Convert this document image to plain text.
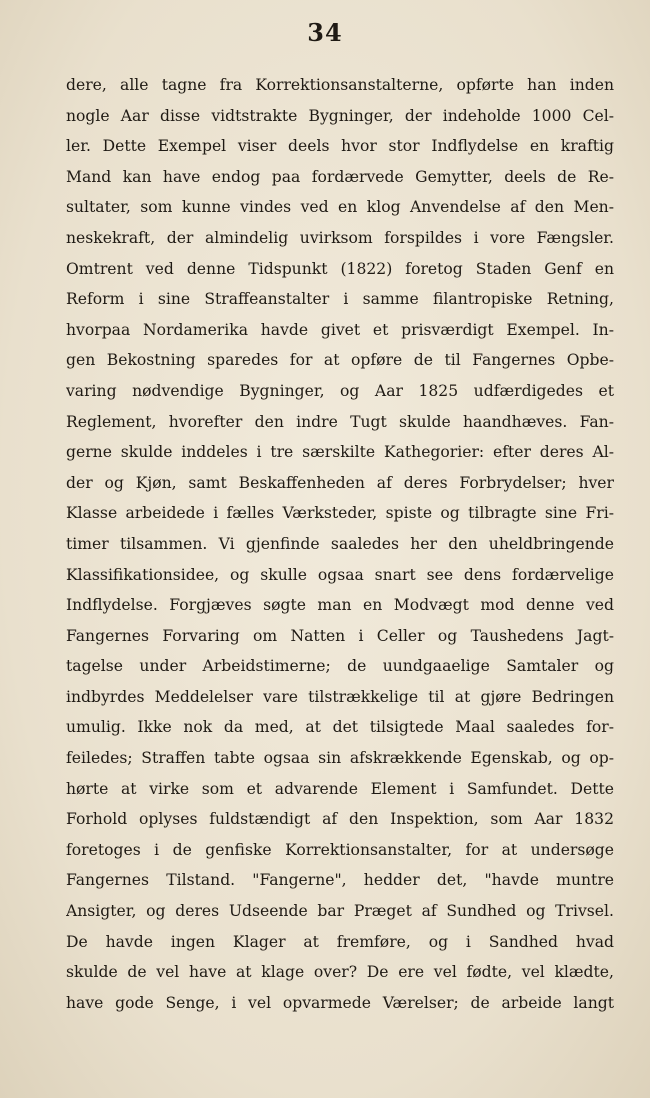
34
dere, alle tagne fra Korrektionsanstalterne, opførte han inden
nogle Aar disse vidtstrakte Bygninger, der indeholde 1000 Cel-
ler. Dette Exempel viser deels hvor stor Indflydelse en kraftig
Mand kan have endog paa fordærvede Gemytter, deels de Re-
sultater, som kunne vindes ved en klog Anvendelse af den Men-
neskekraft, der almindelig uvirksom forspildes i vore Fængsler.
Omtrent ved denne Tidspunkt (1822) foretog Staden Genf en
Reform i sine Straffeanstalter i samme filantropiske Retning,
hvorpaa Nordamerika havde givet et prisværdigt Exempel. In-
gen Bekostning sparedes for at opføre de til Fangernes Opbe-
varing nødvendige Bygninger, og Aar 1825 udfærdigedes et
Reglement, hvorefter den indre Tugt skulde haandhæves. Fan-
gerne skulde inddeles i tre særskilte Kathegorier: efter deres Al-
der og Kjøn, samt Beskaffenheden af deres Forbrydelser; hver
Klasse arbeidede i fælles Værksteder, spiste og tilbragte sine Fri-
timer tilsammen. Vi gjenfinde saaledes her den uheldbringende
Klassifikationsidee, og skulle ogsaa snart see dens fordærvelige
Indflydelse. Forgjæves søgte man en Modvægt mod denne ved
Fangernes Forvaring om Natten i Celler og Taushedens Jagt-
tagelse under Arbeidstimerne; de uundgaaelige Samtaler og
indbyrdes Meddelelser vare tilstrækkelige til at gjøre Bedringen
umulig. Ikke nok da med, at det tilsigtede Maal saaledes for-
feiledes; Straffen tabte ogsaa sin afskrækkende Egenskab, og op-
hørte at virke som et advarende Element i Samfundet. Dette
Forhold oplyses fuldstændigt af den Inspektion, som Aar 1832
foretoges i de genfiske Korrektionsanstalter, for at undersøge
Fangernes Tilstand. "Fangerne", hedder det, "havde muntre
Ansigter, og deres Udseende bar Præget af Sundhed og Trivsel.
De havde ingen Klager at fremføre, og i Sandhed hvad
skulde de vel have at klage over? De ere vel fødte, vel klædte,
have gode Senge, i vel opvarmede Værelser; de arbeide langt
